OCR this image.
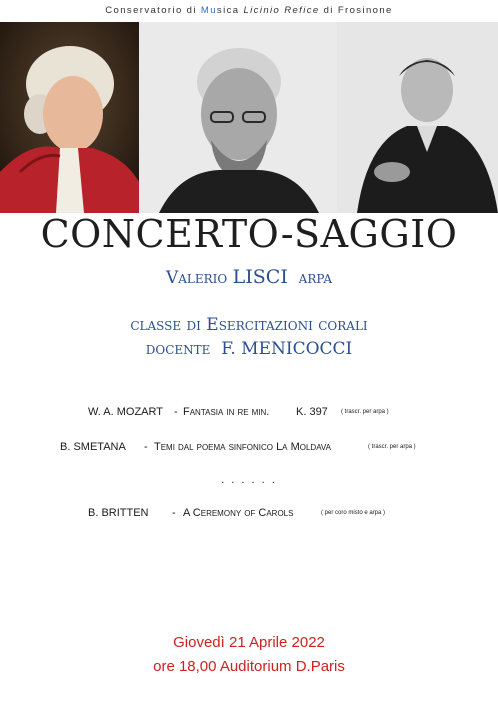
Conservatorio di Musica Licinio Refice di Frosinone
CONCERTO-SAGGIO
Valerio LISCI arpa
classe di Esercitazioni corali
docente F. MENICOCCI
W. A. MOZART - Fantasia in re min. K. 397 ( trascr. per arpa )
B. SMETANA - Temi dal poema sinfonico La Moldava	( trascr. per arpa )
. . . . . .
B. BRITTEN - A Ceremony of Carols	( per coro misto e arpa )
Giovedì 21 Aprile 2022
ore 18,00 Auditorium D.Paris
